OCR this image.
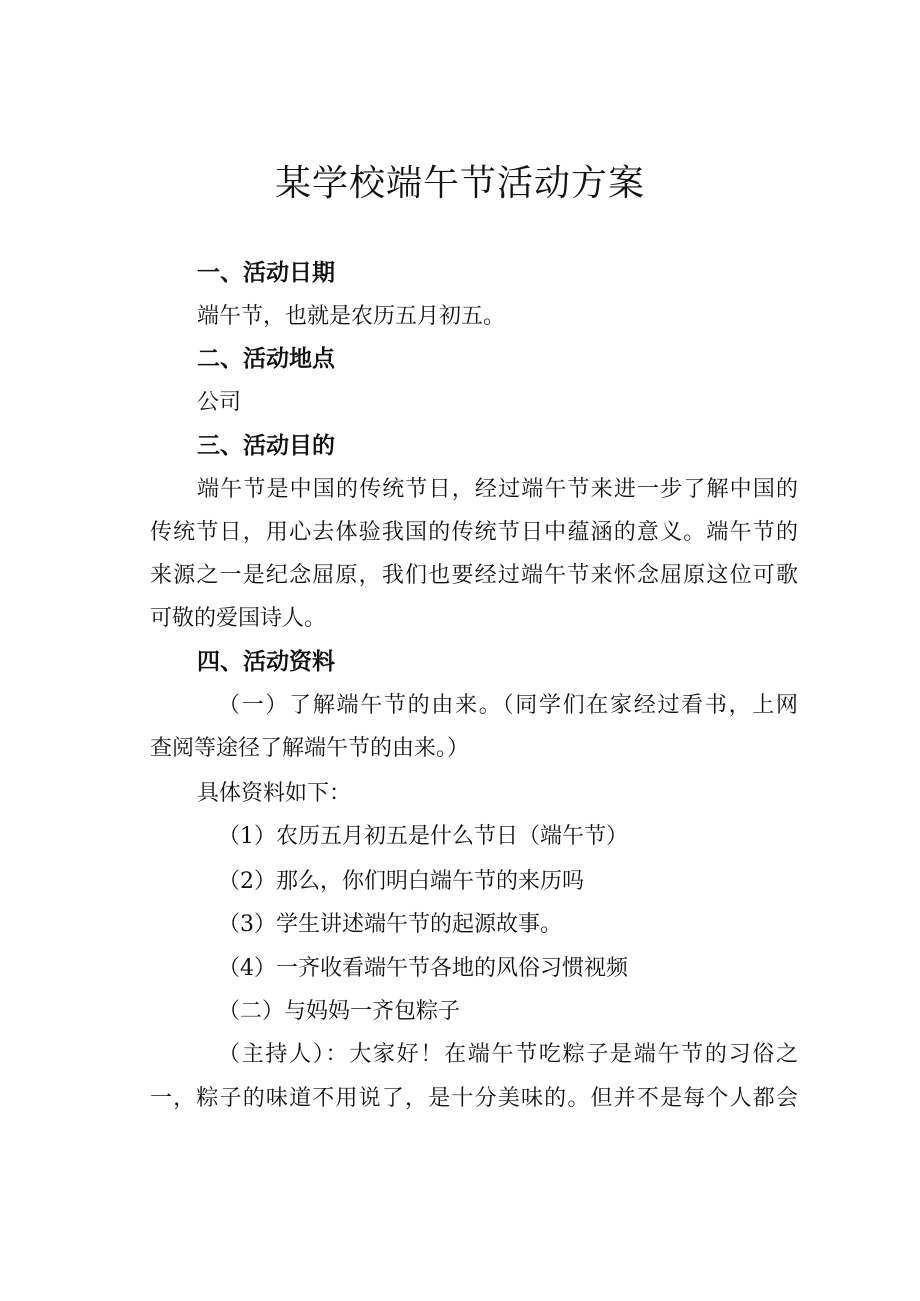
某学校端午节活动方案
一、活动日期

端午节，也就是农历五月初五。

二、活动地点

公司

三、活动目的

端午节是中国的传统节日，经过端午节来进一步了解中国的

传统节日，用心去体验我国的传统节日中蕴涵的意义。端午节的

来源之一是纪念屈原，我们也要经过端午节来怀念屈原这位可歌

可敬的爱国诗人。

四、活动资料

（一）了解端午节的由来。（同学们在家经过看书，上网

查阅等途径了解端午节的由来。）

具体资料如下：

（1）农历五月初五是什么节日（端午节）

（2）那么，你们明白端午节的来历吗

（3）学生讲述端午节的起源故事。

（4）一齐收看端午节各地的风俗习惯视频

（二）与妈妈一齐包粽子

（主持人）：大家好！在端午节吃粽子是端午节的习俗之

一，粽子的味道不用说了，是十分美味的。但并不是每个人都会
